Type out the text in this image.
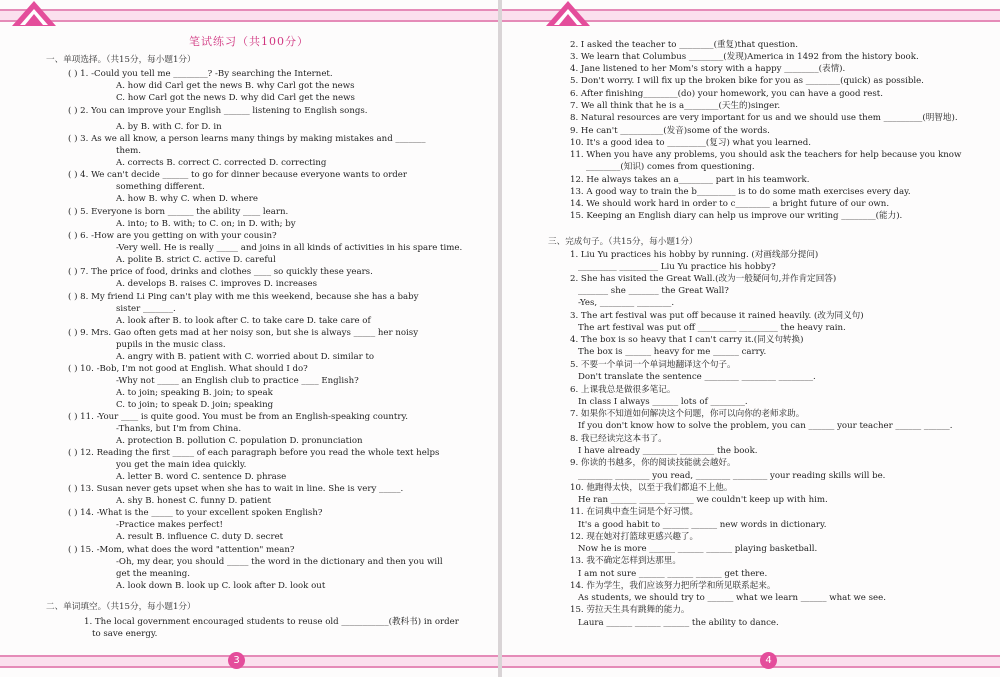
笔试练习（共100分）
( ) 1. -Could you tell me ________? -By searching the Internet.
A. how did Carl get the news B. why Carl got the news
C. how Carl got the news D. why did Carl get the news
( ) 2. You can improve your English ______ listening to English songs.
A. by B. with C. for D. in
( ) 3. As we all know, a person learns many things by making mistakes and _______
them.
A. corrects B. correct C. corrected D. correcting
( ) 4. We can't decide ______ to go for dinner because everyone wants to order
something different.
A. how B. why C. when D. where
( ) 5. Everyone is born ______ the ability ____ learn.
A. into; to B. with; to C. on; in D. with; by
( ) 6. -How are you getting on with your cousin?
-Very well. He is really _____ and joins in all kinds of activities in his spare time.
A. polite B. strict C. active D. careful
( ) 7. The price of food, drinks and clothes ____ so quickly these years.
A. develops B. raises C. improves D. increases
( ) 8. My friend Li Ping can't play with me this weekend, because she has a baby
sister _______.
A. look after B. to look after C. to take care D. take care of
( ) 9. Mrs. Gao often gets mad at her noisy son, but she is always _____ her noisy
pupils in the music class.
A. angry with B. patient with C. worried about D. similar to
( ) 10. -Bob, I'm not good at English. What should I do?
-Why not _____ an English club to practice ____ English?
A. to join; speaking B. join; to speak
C. to join; to speak D. join; speaking
( ) 11. -Your ____ is quite good. You must be from an English-speaking country.
-Thanks, but I'm from China.
A. protection B. pollution C. population D. pronunciation
( ) 12. Reading the first _____ of each paragraph before you read the whole text helps
you get the main idea quickly.
A. letter B. word C. sentence D. phrase
( ) 13. Susan never gets upset when she has to wait in line. She is very _____.
A. shy B. honest C. funny D. patient
( ) 14. -What is the _____ to your excellent spoken English?
-Practice makes perfect!
A. result B. influence C. duty D. secret
( ) 15. -Mom, what does the word "attention" mean?
-Oh, my dear, you should _____ the word in the dictionary and then you will
get the meaning.
A. look down B. look up C. look after D. look out
1. The local government encouraged students to reuse old ___________(教科书) in order
to save energy.
3
一、单项选择。（共15分，每小题1分）
二、单词填空。（共15分，每小题1分）
2. I asked the teacher to ________(重复)that question.
3. We learn that Columbus ________(发现)America in 1492 from the history book.
4. Jane listened to her Mom's story with a happy ________(表情).
5. Don't worry. I will fix up the broken bike for you as ________(quick) as possible.
6. After finishing________(do) your homework, you can have a good rest.
7. We all think that he is a________(天生的)singer.
8. Natural resources are very important for us and we should use them _________(明智地).
9. He can't __________(发音)some of the words.
10. It's a good idea to _________(复习) what you learned.
11. When you have any problems, you should ask the teachers for help because you know
________(知识) comes from questioning.
12. He always takes an a________ part in his teamwork.
13. A good way to train the b_________ is to do some math exercises every day.
14. We should work hard in order to c________ a bright future of our own.
15. Keeping an English diary can help us improve our writing ________(能力).
1. Liu Yu practices his hobby by running. (对画线部分提问)
_________ _________ Liu Yu practice his hobby?
2. She has visited the Great Wall.(改为一般疑问句,并作肯定回答)
_______ she _______ the Great Wall?
-Yes, ________ ________.
3. The art festival was put off because it rained heavily. (改为同义句)
The art festival was put off _________ _________ the heavy rain.
4. The box is so heavy that I can't carry it.(同义句转换)
The box is ______ heavy for me ______ carry.
5. 不要一个单词一个单词地翻译这个句子。
Don't translate the sentence ________ ________ ________.
6. 上课我总是做很多笔记。
In class I always ______ lots of ________.
7. 如果你不知道如何解决这个问题，你可以向你的老师求助。
If you don't know how to solve the problem, you can ______ your teacher ______ ______.
8. 我已经读完这本书了。
I have already ________ ________ the book.
9. 你读的书越多，你的阅读技能就会越好。
________ ________ you read, ________ ________ your reading skills will be.
10. 他跑得太快，以至于我们都追不上他。
He ran ______ ______ ______ we couldn't keep up with him.
11. 在词典中查生词是个好习惯。
It's a good habit to ______ ______ new words in dictionary.
12. 现在她对打篮球更感兴趣了。
Now he is more ______ ______ ______ playing basketball.
13. 我不确定怎样到达那里。
I am not sure ______ ______ ______ get there.
14. 作为学生，我们应该努力把所学和所见联系起来。
As students, we should try to ______ what we learn ______ what we see.
15. 劳拉天生具有跳舞的能力。
Laura ______ ______ ______ the ability to dance.
4
三、完成句子。（共15分，每小题1分）
